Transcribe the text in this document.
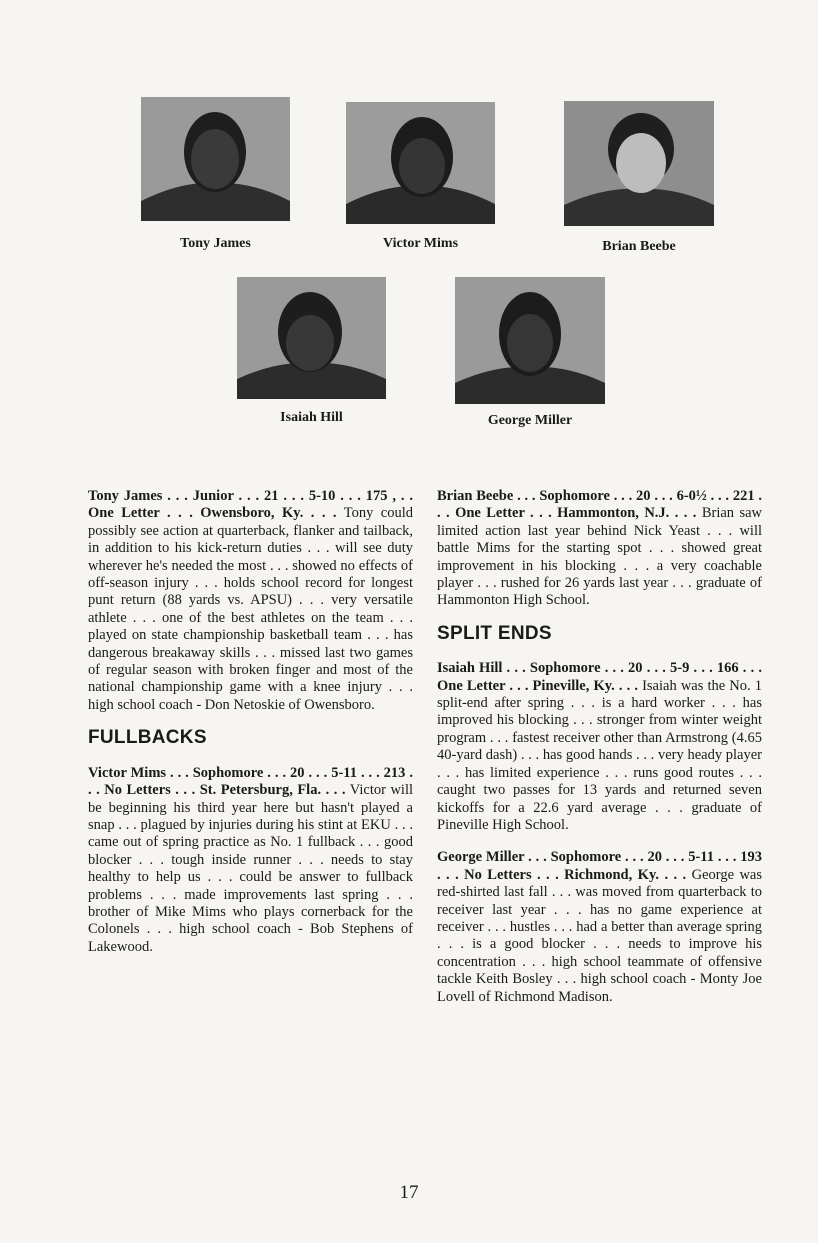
Tony James	Victor Mims	Brian Beebe
Isaiah Hill	George Miller

Tony James . . . Junior . . . 21 . . . 5-10 . . . 175 , . . One Letter . . . Owensboro, Ky. . . . Tony could possibly see action at quarterback, flanker and tailback, in addition to his kick-return duties . . . will see duty wherever he's needed the most . . . showed no effects of off-season injury . . . holds school record for longest punt return (88 yards vs. APSU) . . . very versatile athlete . . . one of the best athletes on the team . . . played on state championship basketball team . . . has dangerous breakaway skills . . . missed last two games of regular season with broken finger and most of the national championship game with a knee injury . . . high school coach - Don Netoskie of Owensboro.

FULLBACKS

Victor Mims . . . Sophomore . . . 20 . . . 5-11 . . . 213 . . . No Letters . . . St. Petersburg, Fla. . . . Victor will be beginning his third year here but hasn't played a snap . . . plagued by injuries during his stint at EKU . . . came out of spring practice as No. 1 fullback . . . good blocker . . . tough inside runner . . . needs to stay healthy to help us . . . could be answer to fullback problems . . . made improvements last spring . . . brother of Mike Mims who plays cornerback for the Colonels . . . high school coach - Bob Stephens of Lakewood.

Brian Beebe . . . Sophomore . . . 20 . . . 6-0½ . . . 221 . . . One Letter . . . Hammonton, N.J. . . . Brian saw limited action last year behind Nick Yeast . . . will battle Mims for the starting spot . . . showed great improvement in his blocking . . . a very coachable player . . . rushed for 26 yards last year . . . graduate of Hammonton High School.

SPLIT ENDS

Isaiah Hill . . . Sophomore . . . 20 . . . 5-9 . . . 166 . . . One Letter . . . Pineville, Ky. . . . Isaiah was the No. 1 split-end after spring . . . is a hard worker . . . has improved his blocking . . . stronger from winter weight program . . . fastest receiver other than Armstrong (4.65 40-yard dash) . . . has good hands . . . very heady player . . . has limited experience . . . runs good routes . . . caught two passes for 13 yards and returned seven kickoffs for a 22.6 yard average . . . graduate of Pineville High School.

George Miller . . . Sophomore . . . 20 . . . 5-11 . . . 193 . . . No Letters . . . Richmond, Ky. . . . George was red-shirted last fall . . . was moved from quarterback to receiver last year . . . has no game experience at receiver . . . hustles . . . had a better than average spring . . . is a good blocker . . . needs to improve his concentration . . . high school teammate of offensive tackle Keith Bosley . . . high school coach - Monty Joe Lovell of Richmond Madison.

17
